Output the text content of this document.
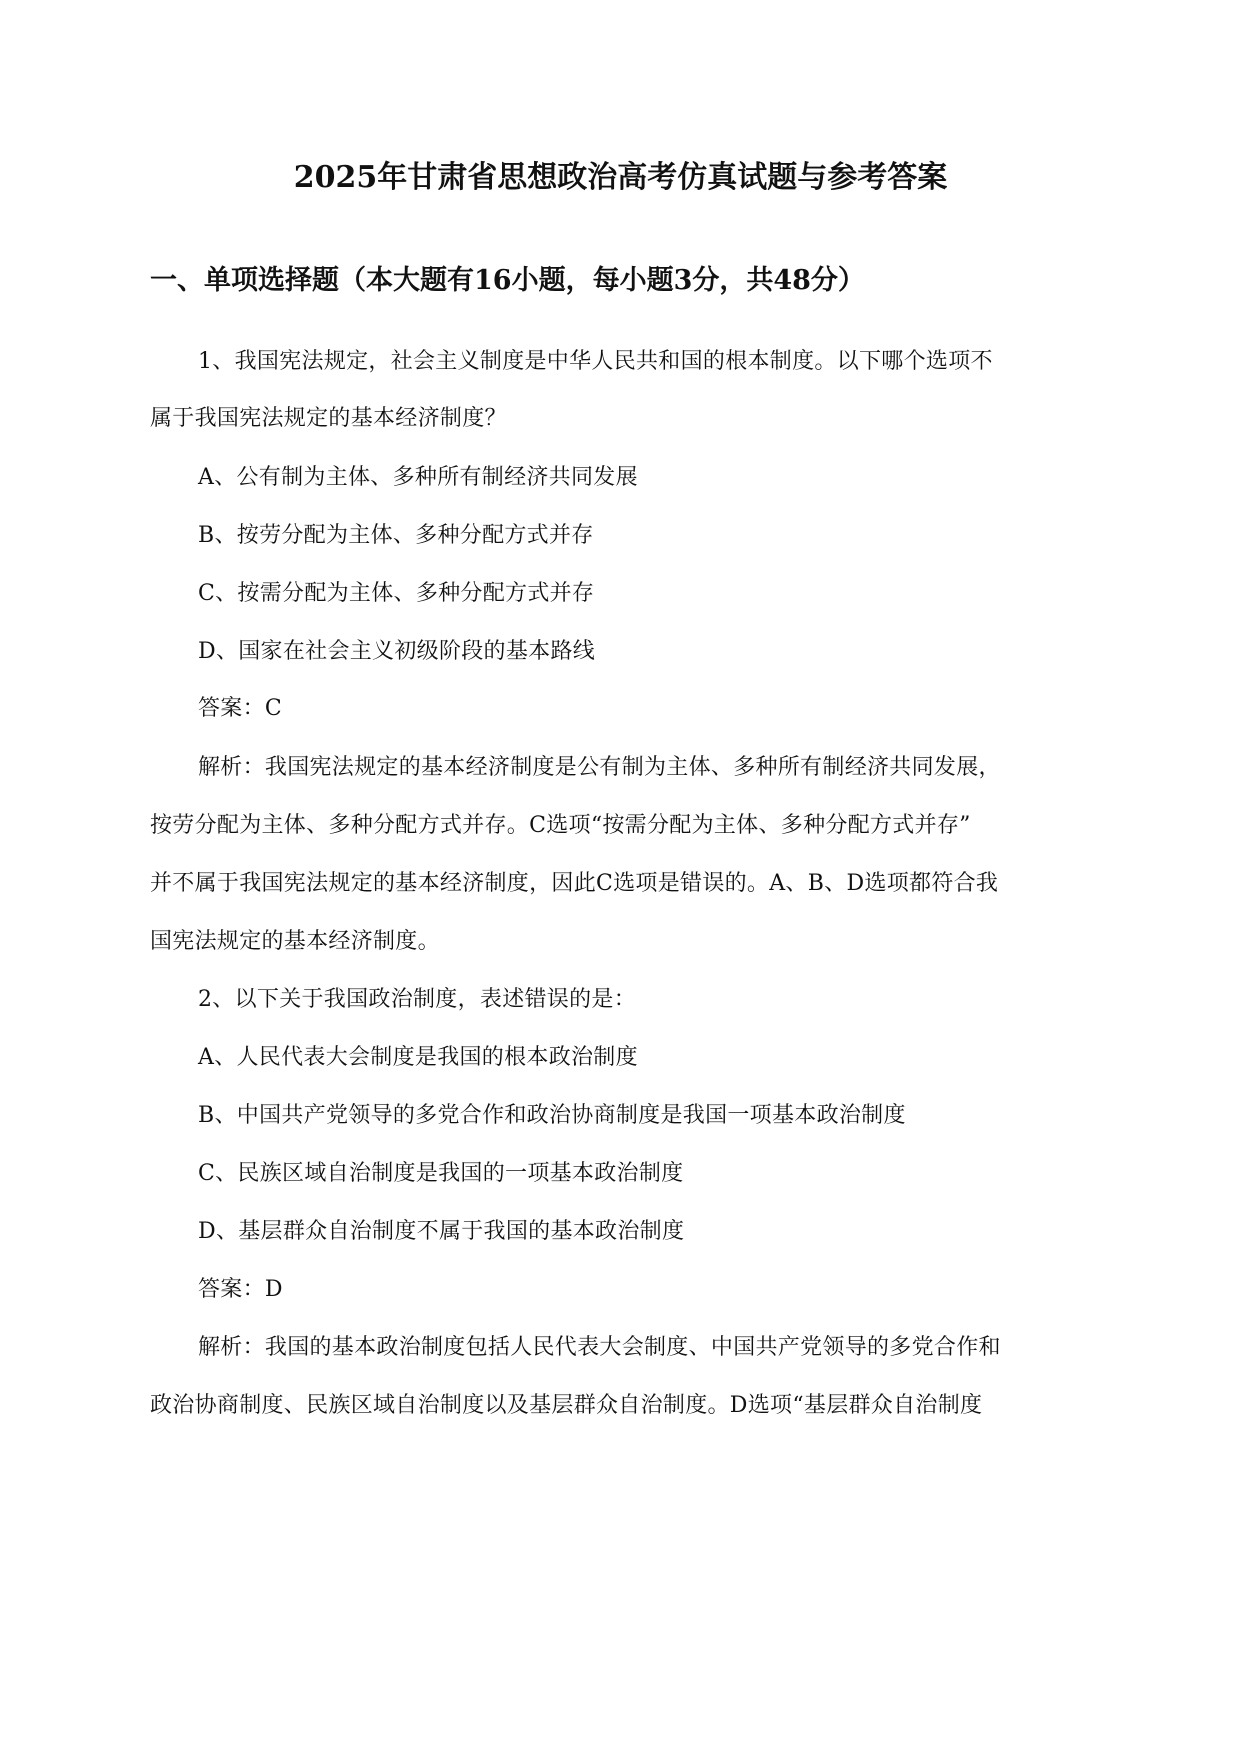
2025年甘肃省思想政治高考仿真试题与参考答案
一、单项选择题（本大题有16小题，每小题3分，共48分）
1、我国宪法规定，社会主义制度是中华人民共和国的根本制度。以下哪个选项不
属于我国宪法规定的基本经济制度？
A、公有制为主体、多种所有制经济共同发展
B、按劳分配为主体、多种分配方式并存
C、按需分配为主体、多种分配方式并存
D、国家在社会主义初级阶段的基本路线
答案：C
解析：我国宪法规定的基本经济制度是公有制为主体、多种所有制经济共同发展，
按劳分配为主体、多种分配方式并存。C选项“按需分配为主体、多种分配方式并存”
并不属于我国宪法规定的基本经济制度，因此C选项是错误的。A、B、D选项都符合我
国宪法规定的基本经济制度。
2、以下关于我国政治制度，表述错误的是：
A、人民代表大会制度是我国的根本政治制度
B、中国共产党领导的多党合作和政治协商制度是我国一项基本政治制度
C、民族区域自治制度是我国的一项基本政治制度
D、基层群众自治制度不属于我国的基本政治制度
答案：D
解析：我国的基本政治制度包括人民代表大会制度、中国共产党领导的多党合作和
政治协商制度、民族区域自治制度以及基层群众自治制度。D选项“基层群众自治制度
